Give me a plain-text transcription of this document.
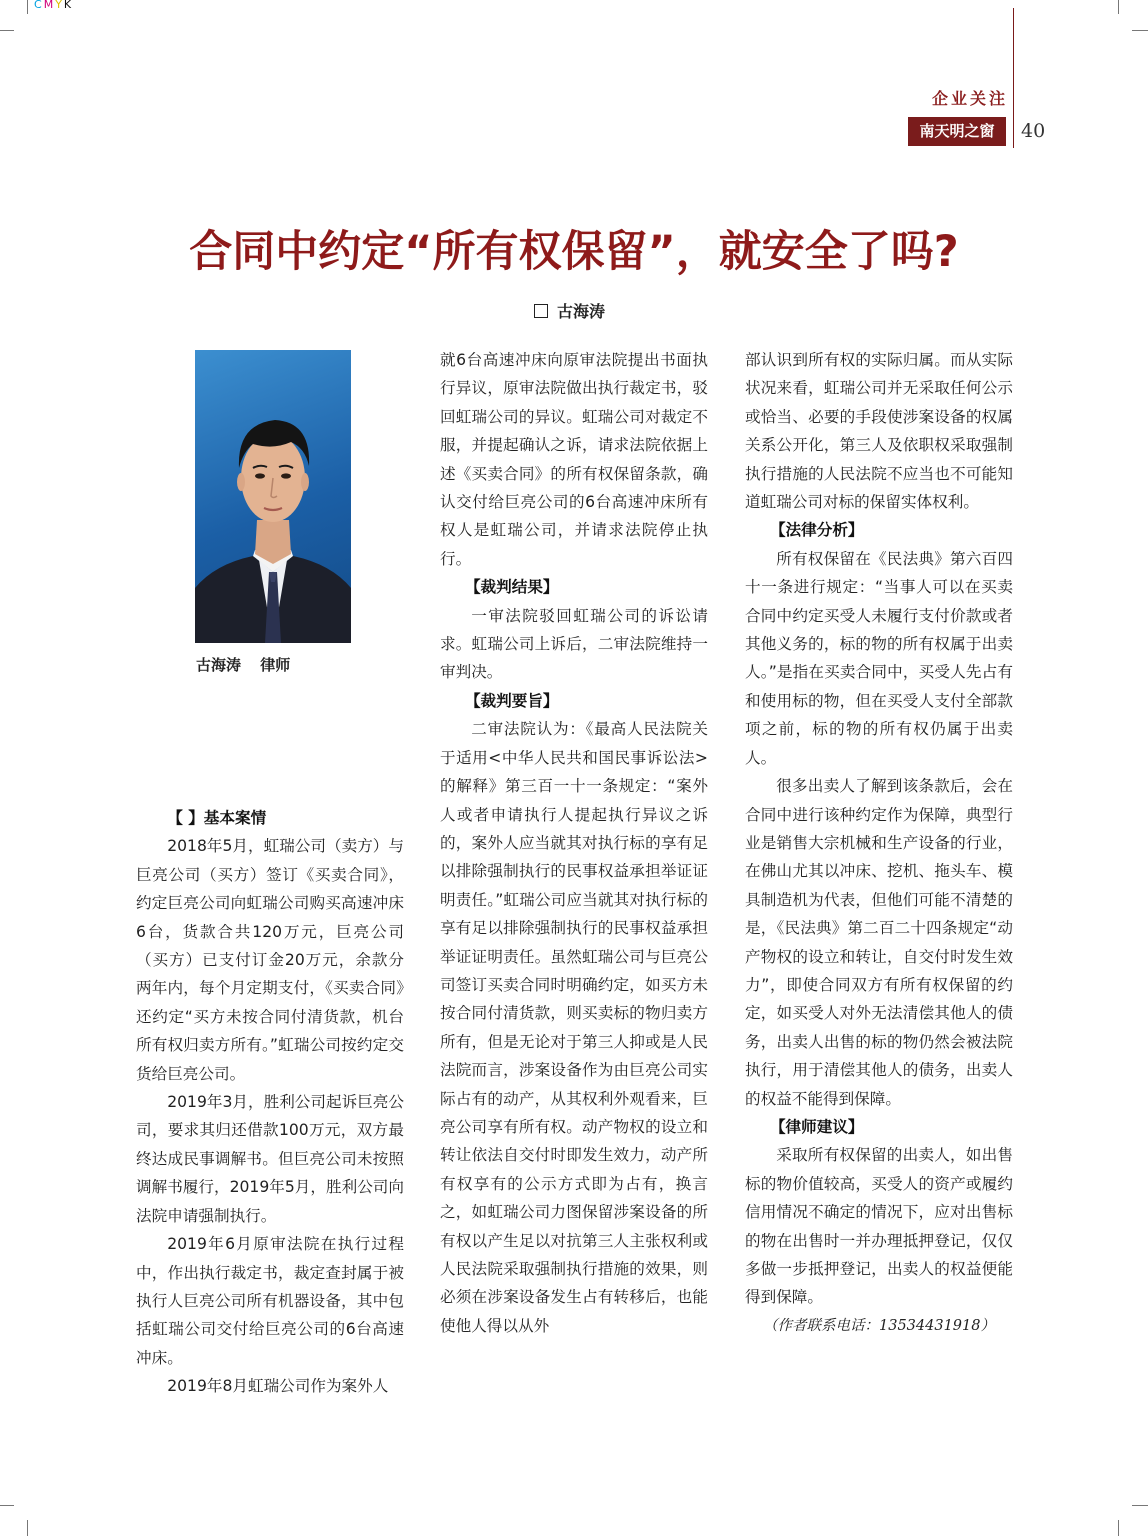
CMYK
企业关注
南天明之窗	40
合同中约定“所有权保留”，就安全了吗?
古海涛
古海涛 律师
【 】基本案情

2018年5月，虹瑞公司（卖方）与巨亮公司（买方）签订《买卖合同》，约定巨亮公司向虹瑞公司购买高速冲床6台，货款合共120万元，巨亮公司（买方）已支付订金20万元，余款分两年内，每个月定期支付，《买卖合同》还约定“买方未按合同付清货款，机台所有权归卖方所有。”虹瑞公司按约定交货给巨亮公司。

2019年3月，胜利公司起诉巨亮公司，要求其归还借款100万元，双方最终达成民事调解书。但巨亮公司未按照调解书履行，2019年5月，胜利公司向法院申请强制执行。

2019年6月原审法院在执行过程中，作出执行裁定书，裁定查封属于被执行人巨亮公司所有机器设备，其中包括虹瑞公司交付给巨亮公司的6台高速冲床。

2019年8月虹瑞公司作为案外人

就6台高速冲床向原审法院提出书面执行异议，原审法院做出执行裁定书，驳回虹瑞公司的异议。虹瑞公司对裁定不服，并提起确认之诉，请求法院依据上述《买卖合同》的所有权保留条款，确认交付给巨亮公司的6台高速冲床所有权人是虹瑞公司，并请求法院停止执行。

【裁判结果】

一审法院驳回虹瑞公司的诉讼请求。虹瑞公司上诉后，二审法院维持一审判决。

【裁判要旨】

二审法院认为：《最高人民法院关于适用<中华人民共和国民事诉讼法>的解释》第三百一十一条规定：“案外人或者申请执行人提起执行异议之诉的，案外人应当就其对执行标的享有足以排除强制执行的民事权益承担举证证明责任。”虹瑞公司应当就其对执行标的享有足以排除强制执行的民事权益承担举证证明责任。虽然虹瑞公司与巨亮公司签订买卖合同时明确约定，如买方未按合同付清货款，则买卖标的物归卖方所有，但是无论对于第三人抑或是人民法院而言，涉案设备作为由巨亮公司实际占有的动产，从其权利外观看来，巨亮公司享有所有权。动产物权的设立和转让依法自交付时即发生效力，动产所有权享有的公示方式即为占有，换言之，如虹瑞公司力图保留涉案设备的所有权以产生足以对抗第三人主张权利或人民法院采取强制执行措施的效果，则必须在涉案设备发生占有转移后，也能使他人得以从外

部认识到所有权的实际归属。而从实际状况来看，虹瑞公司并无采取任何公示或恰当、必要的手段使涉案设备的权属关系公开化，第三人及依职权采取强制执行措施的人民法院不应当也不可能知道虹瑞公司对标的保留实体权利。

【法律分析】

所有权保留在《民法典》第六百四十一条进行规定：“当事人可以在买卖合同中约定买受人未履行支付价款或者其他义务的，标的物的所有权属于出卖人。”是指在买卖合同中，买受人先占有和使用标的物，但在买受人支付全部款项之前，标的物的所有权仍属于出卖人。

很多出卖人了解到该条款后，会在合同中进行该种约定作为保障，典型行业是销售大宗机械和生产设备的行业，在佛山尤其以冲床、挖机、拖头车、模具制造机为代表，但他们可能不清楚的是，《民法典》第二百二十四条规定“动产物权的设立和转让，自交付时发生效力”，即使合同双方有所有权保留的约定，如买受人对外无法清偿其他人的债务，出卖人出售的标的物仍然会被法院执行，用于清偿其他人的债务，出卖人的权益不能得到保障。

【律师建议】

采取所有权保留的出卖人，如出售标的物价值较高，买受人的资产或履约信用情况不确定的情况下，应对出售标的物在出售时一并办理抵押登记，仅仅多做一步抵押登记，出卖人的权益便能得到保障。

（作者联系电话：13534431918）
